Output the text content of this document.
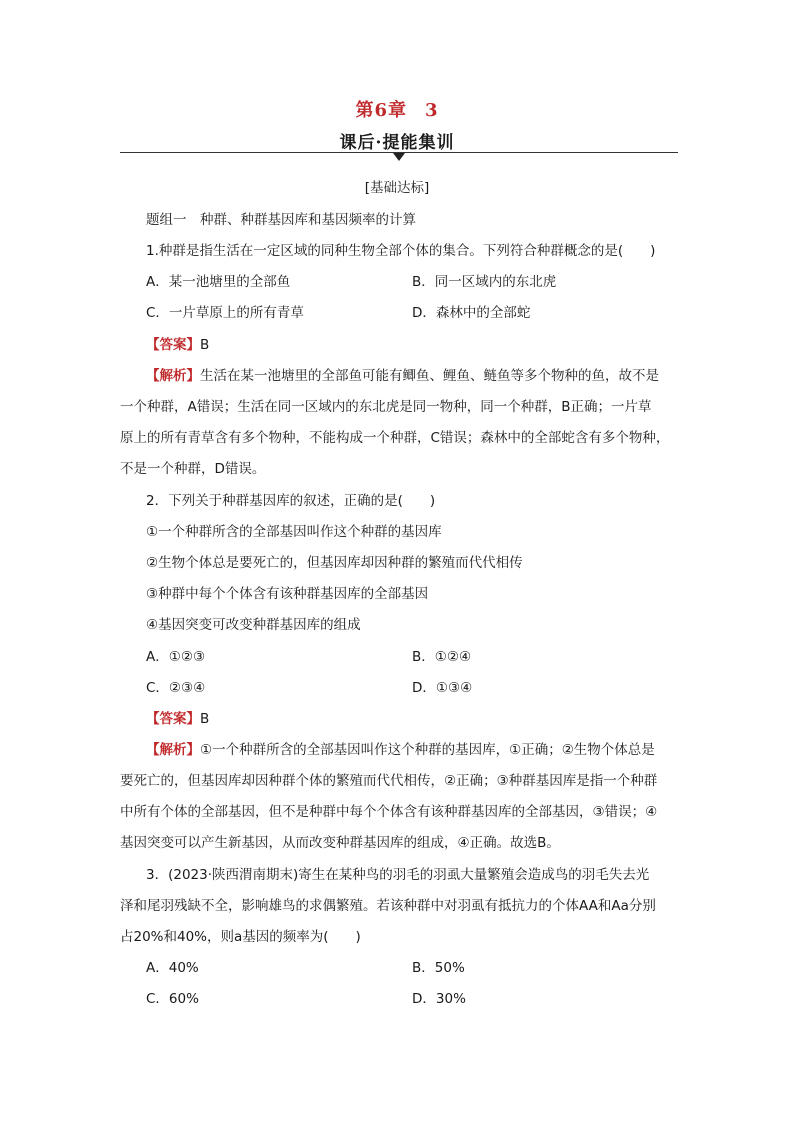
第6章 3
课后·提能集训
[基础达标]
题组一　种群、种群基因库和基因频率的计算
1.种群是指生活在一定区域的同种生物全部个体的集合。下列符合种群概念的是(　　)
A．某一池塘里的全部鱼	B．同一区域内的东北虎
C．一片草原上的所有青草	D．森林中的全部蛇
【答案】B
【解析】生活在某一池塘里的全部鱼可能有鲫鱼、鲤鱼、鲢鱼等多个物种的鱼，故不是
一个种群，A错误；生活在同一区域内的东北虎是同一物种，同一个种群，B正确；一片草
原上的所有青草含有多个物种，不能构成一个种群，C错误；森林中的全部蛇含有多个物种，
不是一个种群，D错误。
2．下列关于种群基因库的叙述，正确的是(　　)
①一个种群所含的全部基因叫作这个种群的基因库
②生物个体总是要死亡的，但基因库却因种群的繁殖而代代相传
③种群中每个个体含有该种群基因库的全部基因
④基因突变可改变种群基因库的组成
A．①②③	B．①②④
C．②③④	D．①③④
【答案】B
【解析】①一个种群所含的全部基因叫作这个种群的基因库，①正确；②生物个体总是
要死亡的，但基因库却因种群个体的繁殖而代代相传，②正确；③种群基因库是指一个种群
中所有个体的全部基因，但不是种群中每个个体含有该种群基因库的全部基因，③错误；④
基因突变可以产生新基因，从而改变种群基因库的组成，④正确。故选B。
3．(2023·陕西渭南期末)寄生在某种鸟的羽毛的羽虱大量繁殖会造成鸟的羽毛失去光
泽和尾羽残缺不全，影响雄鸟的求偶繁殖。若该种群中对羽虱有抵抗力的个体AA和Aa分别
占20%和40%，则a基因的频率为(　　)
A．40%	B．50%
C．60%	D．30%
